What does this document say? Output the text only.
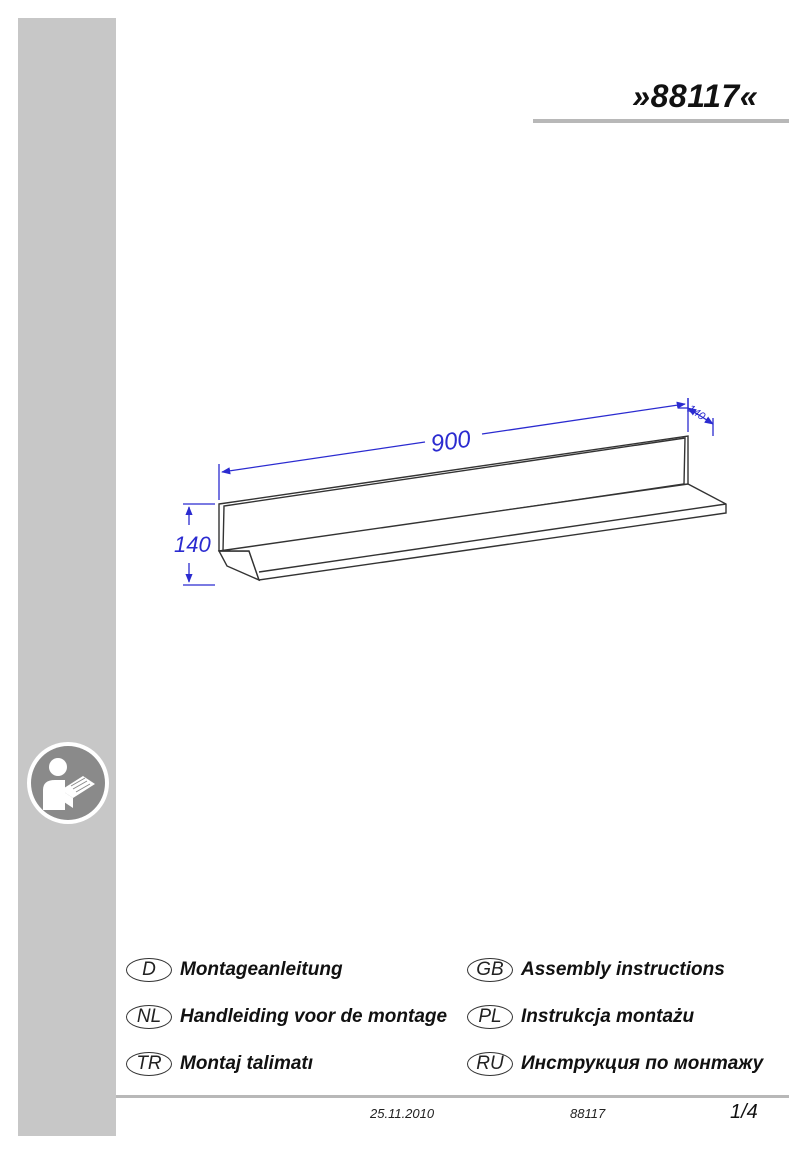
»88117«
900
140
140
D	Montageanleitung	GB Assembly instructions
NL Handleiding voor de montage	PL	Instrukcja montażu
TR Montaj talimatı	RU Инструкция по монтажу
25.11.2010	88117	1/4
